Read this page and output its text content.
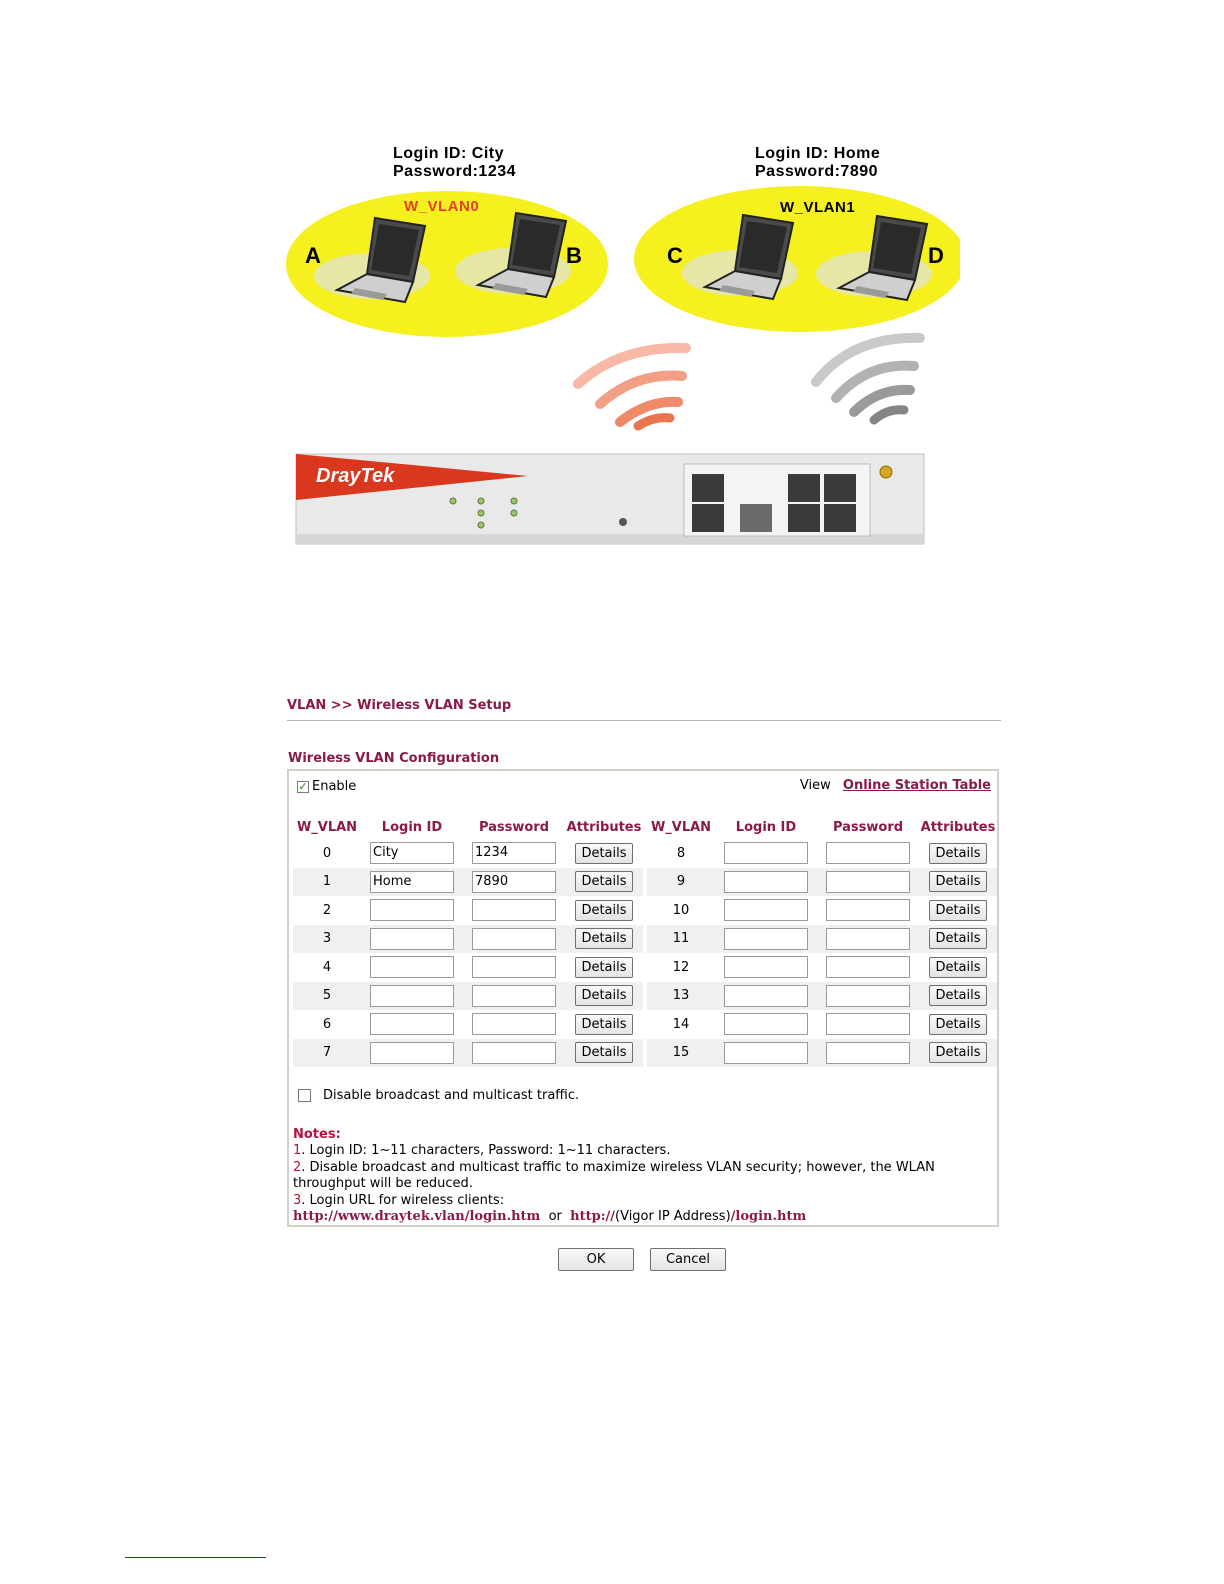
Login ID: City
Password:1234
Login ID: Home
Password:7890
W_VLAN0	W_VLAN1
A	B	C	D
DrayTek
VLAN >> Wireless VLAN Setup
Wireless VLAN Configuration
✓ Enable	View Online Station Table
W_VLAN	Login ID	Password	Attributes		W_VLAN	Login ID	Password	Attributes
0	City	1234	Details		8			Details
1	Home	7890	Details		9			Details
2			Details		10			Details
3			Details		11			Details
4			Details		12			Details
5			Details		13			Details
6			Details		14			Details
7			Details		15			Details
Disable broadcast and multicast traffic.
Notes:
1. Login ID: 1~11 characters, Password: 1~11 characters.
2. Disable broadcast and multicast traffic to maximize wireless VLAN security; however, the WLAN throughput will be reduced.
3. Login URL for wireless clients:
http://www.draytek.vlan/login.htm or http://(Vigor IP Address)/login.htm
OK	Cancel
